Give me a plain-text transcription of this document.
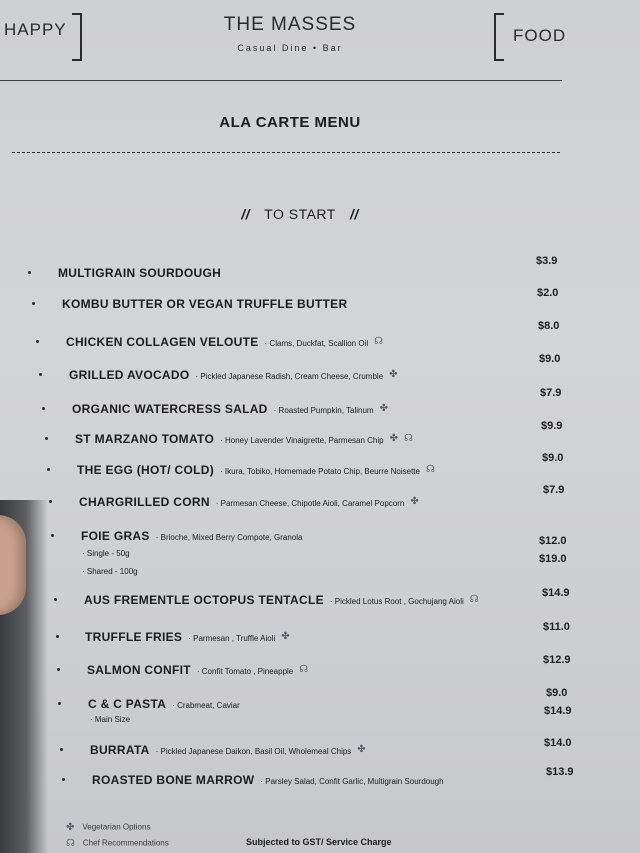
HAPPY	THE MASSES
Casual Dine • Bar
FOOD
ALA CARTE MENU
// TO START //
MULTIGRAIN SOURDOUGH
$3.9
KOMBU BUTTER OR VEGAN TRUFFLE BUTTER
$2.0
CHICKEN COLLAGEN VELOUTE · Clams, Duckfat, Scallion Oil ☊
$8.0
GRILLED AVOCADO · Pickled Japanese Radish, Cream Cheese, Crumble ✤
$9.0
ORGANIC WATERCRESS SALAD · Roasted Pumpkin, Talinum ✤
$7.9
ST MARZANO TOMATO · Honey Lavender Vinaigrette, Parmesan Chip ✤ ☊
$9.9
THE EGG (HOT/ COLD) · Ikura, Tobiko, Homemade Potato Chip, Beurre Noisette ☊
$9.0
CHARGRILLED CORN · Parmesan Cheese, Chipotle Aioli, Caramel Popcorn ✤
$7.9
FOIE GRAS · Brioche, Mixed Berry Compote, Granola
· Single - 50g
$12.0
· Shared - 100g
$19.0
AUS FREMENTLE OCTOPUS TENTACLE · Pickled Lotus Root , Gochujang Aioli ☊
$14.9
TRUFFLE FRIES · Parmesan , Truffle Aioli ✤
$11.0
SALMON CONFIT · Confit Tomato , Pineapple ☊
$12.9
C & C PASTA · Crabmeat, Caviar
$9.0
· Main Size
$14.9
BURRATA · Pickled Japanese Daikon, Basil Oil, Wholemeal Chips ✤
$14.0
ROASTED BONE MARROW · Parsley Salad, Confit Garlic, Multigrain Sourdough
$13.9
✤ Vegetarian Options
☊ Chef Recommendations	Subjected to GST/ Service Charge
